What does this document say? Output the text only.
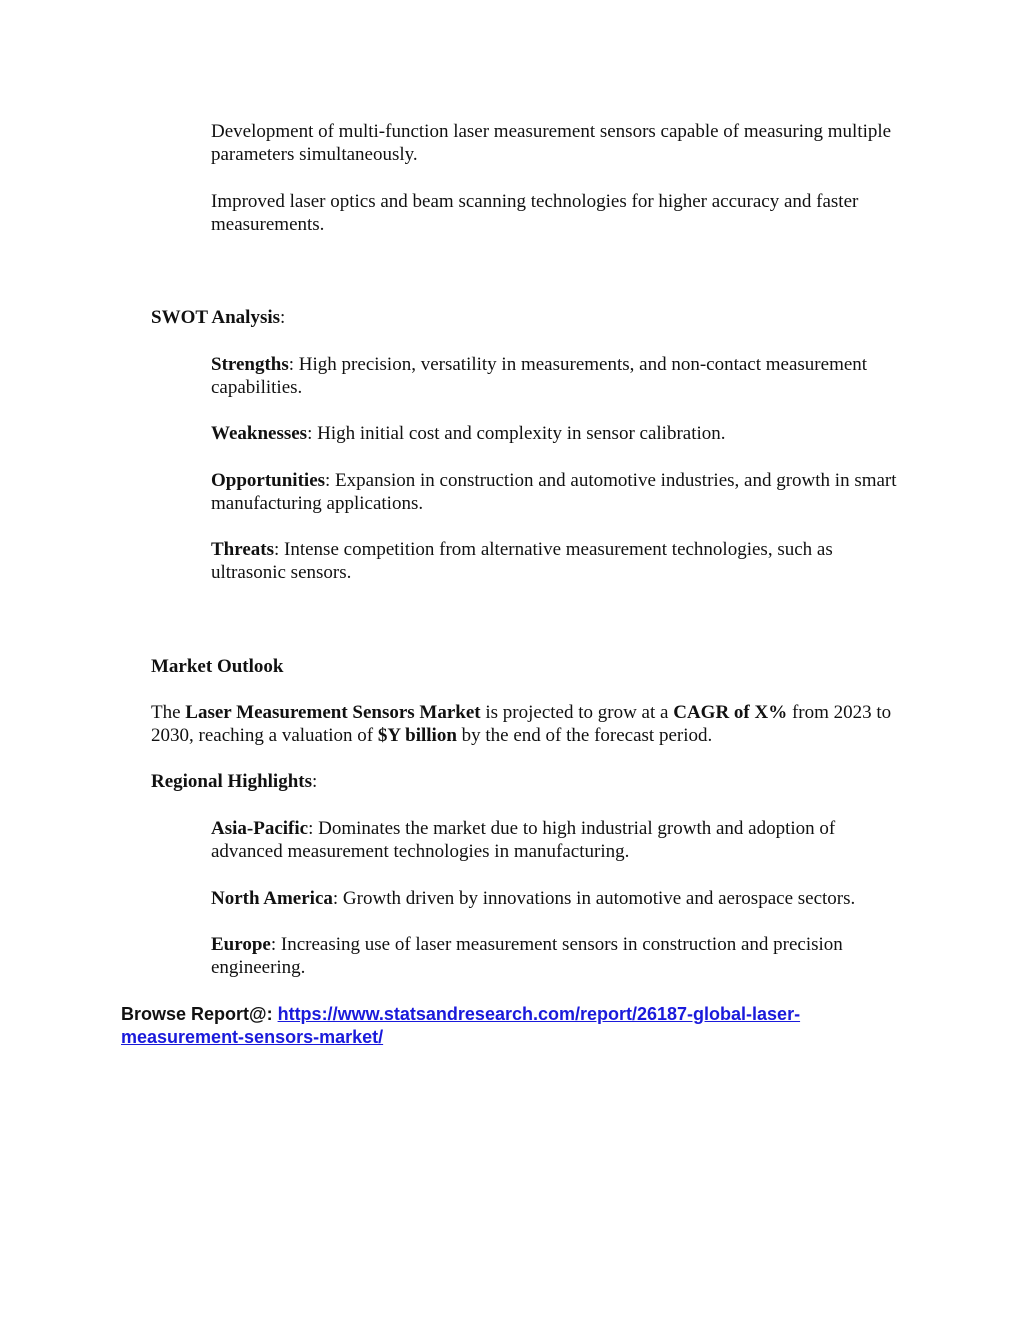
Development of multi-function laser measurement sensors capable of measuring multiple parameters simultaneously.

Improved laser optics and beam scanning technologies for higher accuracy and faster measurements.

SWOT Analysis:

Strengths: High precision, versatility in measurements, and non-contact measurement capabilities.

Weaknesses: High initial cost and complexity in sensor calibration.

Opportunities: Expansion in construction and automotive industries, and growth in smart manufacturing applications.

Threats: Intense competition from alternative measurement technologies, such as ultrasonic sensors.

Market Outlook

The Laser Measurement Sensors Market is projected to grow at a CAGR of X% from 2023 to 2030, reaching a valuation of $Y billion by the end of the forecast period.

Regional Highlights:

Asia-Pacific: Dominates the market due to high industrial growth and adoption of advanced measurement technologies in manufacturing.

North America: Growth driven by innovations in automotive and aerospace sectors.

Europe: Increasing use of laser measurement sensors in construction and precision engineering.

Browse Report@: https://www.statsandresearch.com/report/26187-global-laser-measurement-sensors-market/
